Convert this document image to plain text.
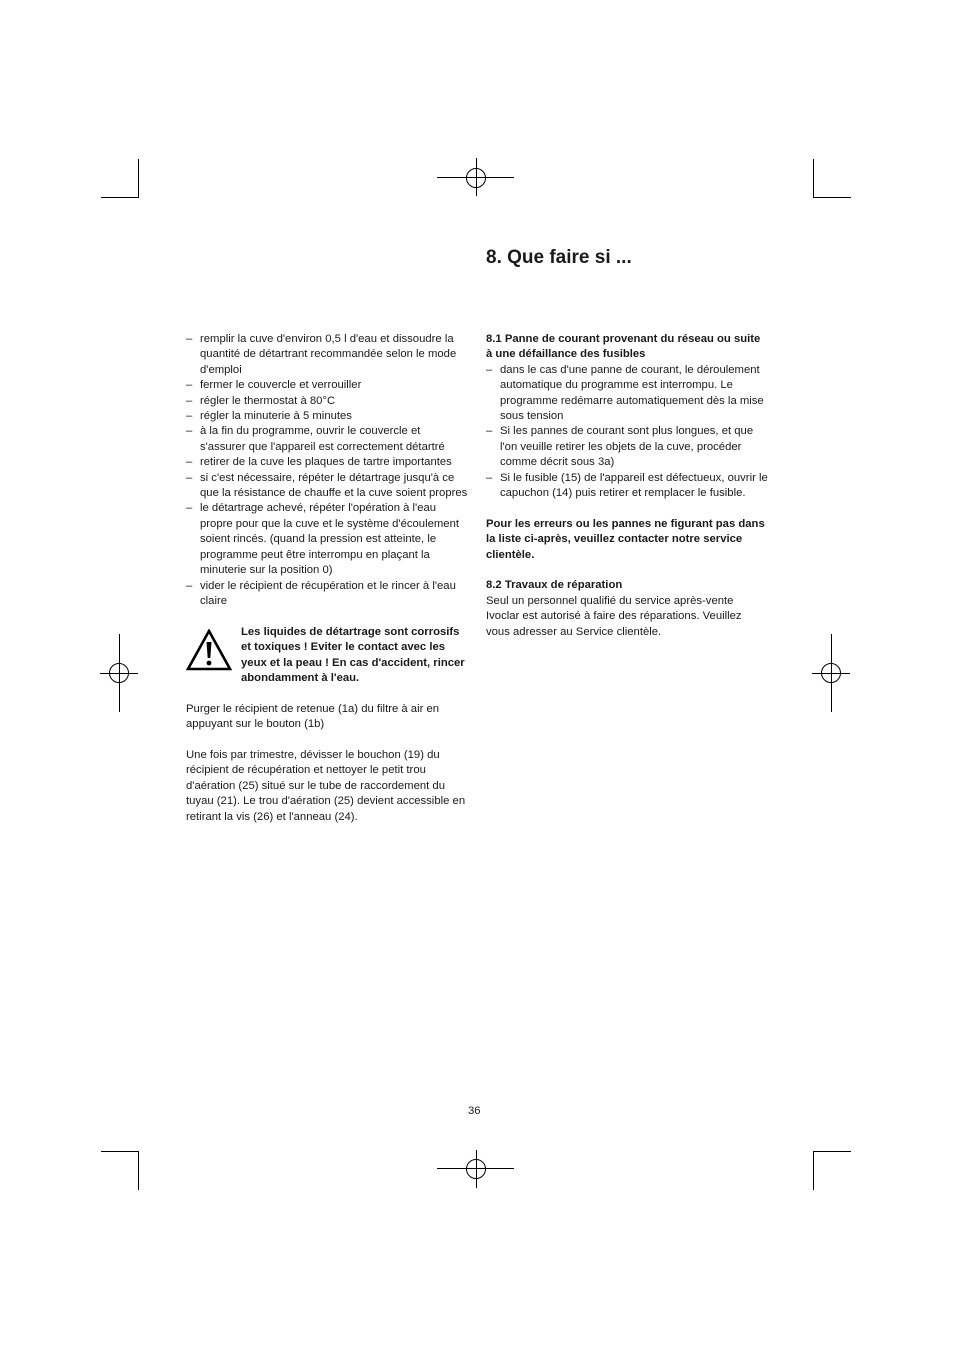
8. Que faire si ...
– remplir la cuve d'environ 0,5 l d'eau et dissoudre la quantité de détartrant recommandée selon le mode d'emploi
– fermer le couvercle et verrouiller
– régler le thermostat à 80°C
– régler la minuterie à 5 minutes
– à la fin du programme, ouvrir le couvercle et s'assurer que l'appareil est correctement détartré
– retirer de la cuve les plaques de tartre importantes
– si c'est nécessaire, répéter le détartrage jusqu'à ce que la résistance de chauffe et la cuve soient propres
– le détartrage achevé, répéter l'opération à l'eau propre pour que la cuve et le système d'écoulement soient rincés. (quand la pression est atteinte, le programme peut être interrompu en plaçant la minuterie sur la position 0)
– vider le récipient de récupération et le rincer à l'eau claire

Les liquides de détartrage sont corrosifs et toxiques ! Eviter le contact avec les yeux et la peau ! En cas d'accident, rincer abondamment à l'eau.

Purger le récipient de retenue (1a) du filtre à air en appuyant sur le bouton (1b)

Une fois par trimestre, dévisser le bouchon (19) du récipient de récupération et nettoyer le petit trou d'aération (25) situé sur le tube de raccordement du tuyau (21). Le trou d'aération (25) devient accessible en retirant la vis (26) et l'anneau (24).

8.1 Panne de courant provenant du réseau ou suite à une défaillance des fusibles

– dans le cas d'une panne de courant, le déroulement automatique du programme est interrompu. Le programme redémarre automatiquement dès la mise sous tension
– Si les pannes de courant sont plus longues, et que l'on veuille retirer les objets de la cuve, procéder comme décrit sous 3a)
– Si le fusible (15) de l'appareil est défectueux, ouvrir le capuchon (14) puis retirer et remplacer le fusible.

Pour les erreurs ou les pannes ne figurant pas dans la liste ci-après, veuillez contacter notre service clientèle.

8.2 Travaux de réparation

Seul un personnel qualifié du service après-vente Ivoclar est autorisé à faire des réparations. Veuillez vous adresser au Service clientèle.

36
